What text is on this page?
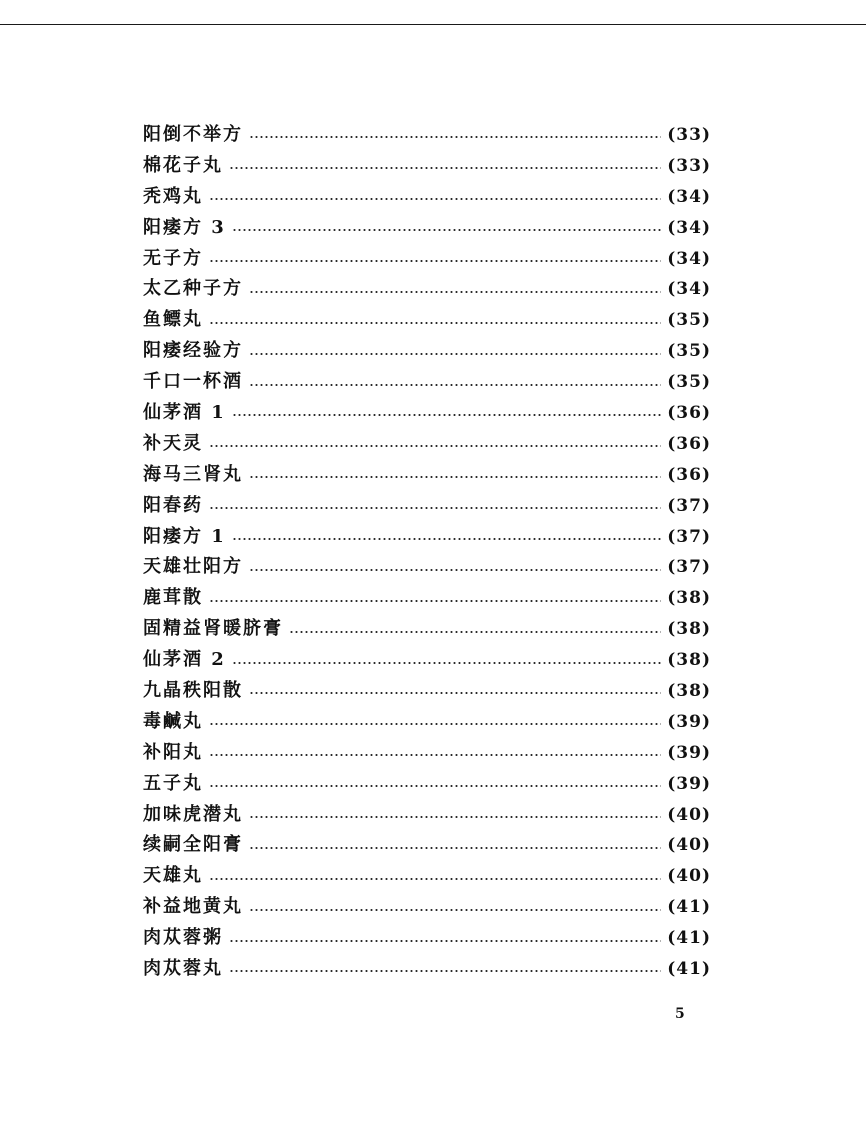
阳倒不举方	(33)
棉花子丸	(33)
秃鸡丸	(34)
阳痿方 3	(34)
无子方	(34)
太乙种子方	(34)
鱼鳔丸	(35)
阳痿经验方	(35)
千口一杯酒	(35)
仙茅酒 1	(36)
补天灵	(36)
海马三肾丸	(36)
阳春药	(37)
阳痿方 1	(37)
天雄壮阳方	(37)
鹿茸散	(38)
固精益肾暖脐膏	(38)
仙茅酒 2	(38)
九晶秩阳散	(38)
毒鹹丸	(39)
补阳丸	(39)
五子丸	(39)
加味虎潜丸	(40)
续嗣全阳膏	(40)
天雄丸	(40)
补益地黄丸	(41)
肉苁蓉粥	(41)
肉苁蓉丸	(41)
5
